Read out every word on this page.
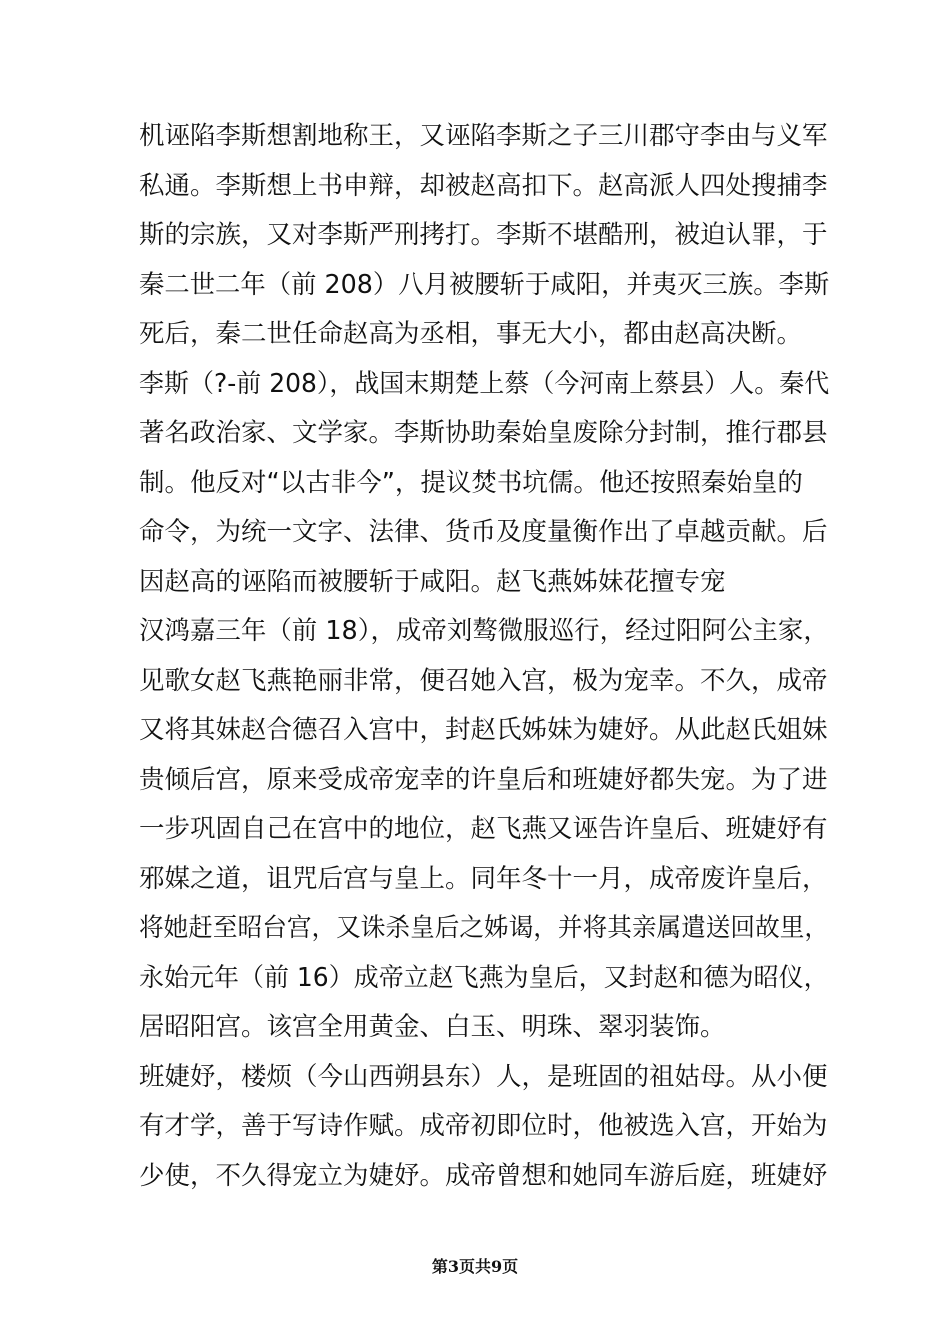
机诬陷李斯想割地称王，又诬陷李斯之子三川郡守李由与义军
私通。李斯想上书申辩，却被赵高扣下。赵高派人四处搜捕李
斯的宗族，又对李斯严刑拷打。李斯不堪酷刑，被迫认罪，于
秦二世二年（前 208）八月被腰斩于咸阳，并夷灭三族。李斯
死后，秦二世任命赵高为丞相，事无大小，都由赵高决断。
李斯（?-前 208），战国末期楚上蔡（今河南上蔡县）人。秦代
著名政治家、文学家。李斯协助秦始皇废除分封制，推行郡县
制。他反对“以古非今”，提议焚书坑儒。他还按照秦始皇的
命令，为统一文字、法律、货币及度量衡作出了卓越贡献。后
因赵高的诬陷而被腰斩于咸阳。赵飞燕姊妹花擅专宠
汉鸿嘉三年（前 18），成帝刘骜微服巡行，经过阳阿公主家，
见歌女赵飞燕艳丽非常，便召她入宫，极为宠幸。不久，成帝
又将其妹赵合德召入宫中，封赵氏姊妹为婕妤。从此赵氏姐妹
贵倾后宫，原来受成帝宠幸的许皇后和班婕妤都失宠。为了进
一步巩固自己在宫中的地位，赵飞燕又诬告许皇后、班婕妤有
邪媒之道，诅咒后宫与皇上。同年冬十一月，成帝废许皇后，
将她赶至昭台宫，又诛杀皇后之姊谒，并将其亲属遣送回故里，
永始元年（前 16）成帝立赵飞燕为皇后，又封赵和德为昭仪，
居昭阳宫。该宫全用黄金、白玉、明珠、翠羽装饰。
班婕妤，楼烦（今山西朔县东）人，是班固的祖姑母。从小便
有才学，善于写诗作赋。成帝初即位时，他被选入宫，开始为
少使，不久得宠立为婕妤。成帝曾想和她同车游后庭，班婕妤
第3页共9页
